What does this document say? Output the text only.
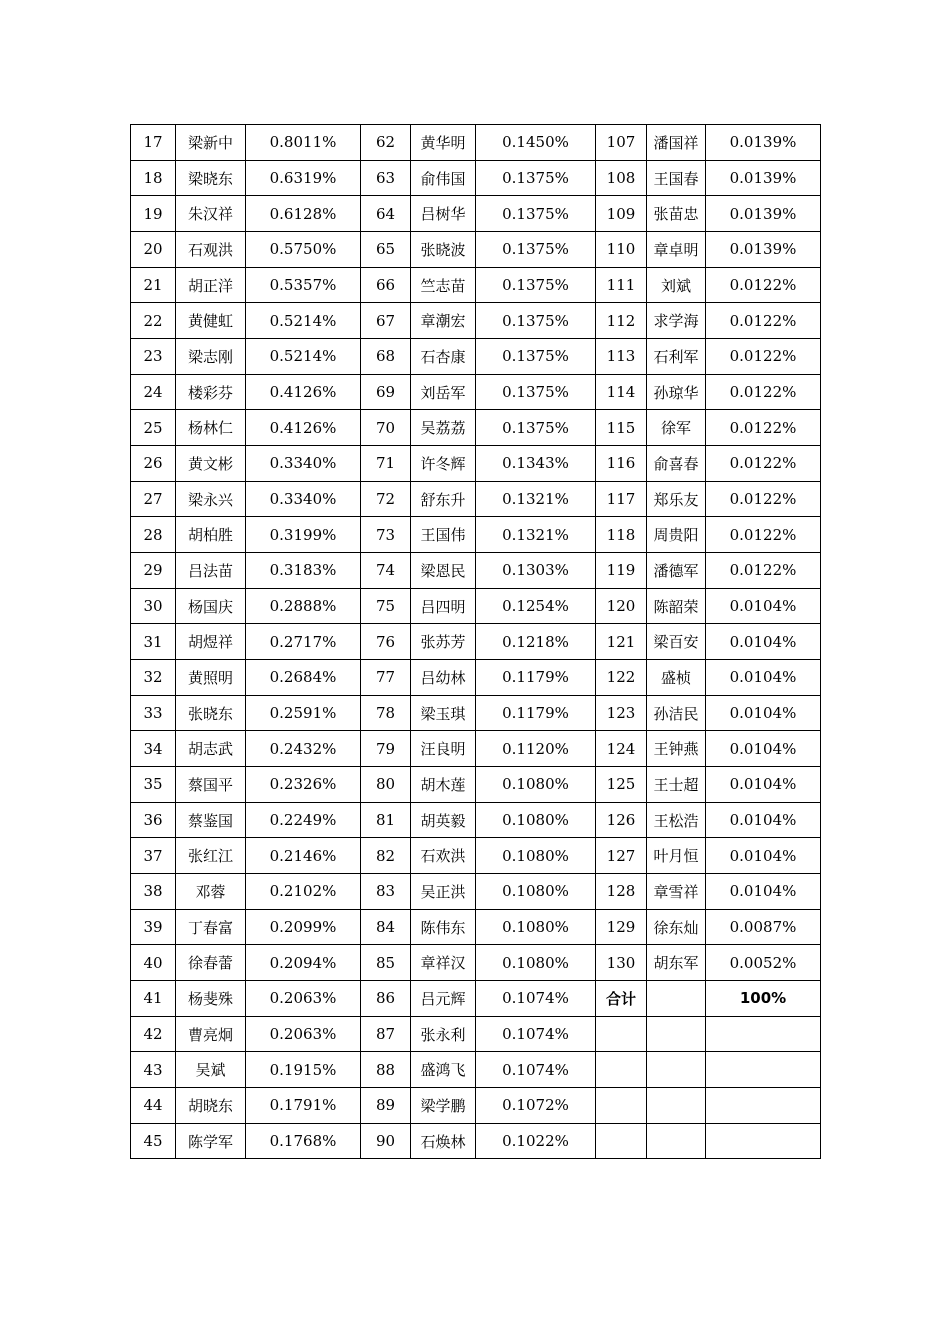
17	梁新中	0.8011%	62	黄华明	0.1450%	107	潘国祥	0.0139%
18	梁晓东	0.6319%	63	俞伟国	0.1375%	108	王国春	0.0139%
19	朱汉祥	0.6128%	64	吕树华	0.1375%	109	张苗忠	0.0139%
20	石观洪	0.5750%	65	张晓波	0.1375%	110	章卓明	0.0139%
21	胡正洋	0.5357%	66	竺志苗	0.1375%	111	刘斌	0.0122%
22	黄健虹	0.5214%	67	章潮宏	0.1375%	112	求学海	0.0122%
23	梁志刚	0.5214%	68	石杏康	0.1375%	113	石利军	0.0122%
24	楼彩芬	0.4126%	69	刘岳军	0.1375%	114	孙琼华	0.0122%
25	杨林仁	0.4126%	70	吴荔荔	0.1375%	115	徐军	0.0122%
26	黄文彬	0.3340%	71	许冬辉	0.1343%	116	俞喜春	0.0122%
27	梁永兴	0.3340%	72	舒东升	0.1321%	117	郑乐友	0.0122%
28	胡柏胜	0.3199%	73	王国伟	0.1321%	118	周贵阳	0.0122%
29	吕法苗	0.3183%	74	梁恩民	0.1303%	119	潘德军	0.0122%
30	杨国庆	0.2888%	75	吕四明	0.1254%	120	陈韶荣	0.0104%
31	胡煜祥	0.2717%	76	张苏芳	0.1218%	121	梁百安	0.0104%
32	黄照明	0.2684%	77	吕幼林	0.1179%	122	盛桢	0.0104%
33	张晓东	0.2591%	78	梁玉琪	0.1179%	123	孙洁民	0.0104%
34	胡志武	0.2432%	79	汪良明	0.1120%	124	王钟燕	0.0104%
35	蔡国平	0.2326%	80	胡木莲	0.1080%	125	王士超	0.0104%
36	蔡鉴国	0.2249%	81	胡英毅	0.1080%	126	王松浩	0.0104%
37	张红江	0.2146%	82	石欢洪	0.1080%	127	叶月恒	0.0104%
38	邓蓉	0.2102%	83	吴正洪	0.1080%	128	章雪祥	0.0104%
39	丁春富	0.2099%	84	陈伟东	0.1080%	129	徐东灿	0.0087%
40	徐春蕾	0.2094%	85	章祥汉	0.1080%	130	胡东军	0.0052%
41	杨斐殊	0.2063%	86	吕元辉	0.1074%	合计		100%
42	曹亮炯	0.2063%	87	张永利	0.1074%			
43	吴斌	0.1915%	88	盛鸿飞	0.1074%			
44	胡晓东	0.1791%	89	梁学鹏	0.1072%			
45	陈学军	0.1768%	90	石焕林	0.1022%			
